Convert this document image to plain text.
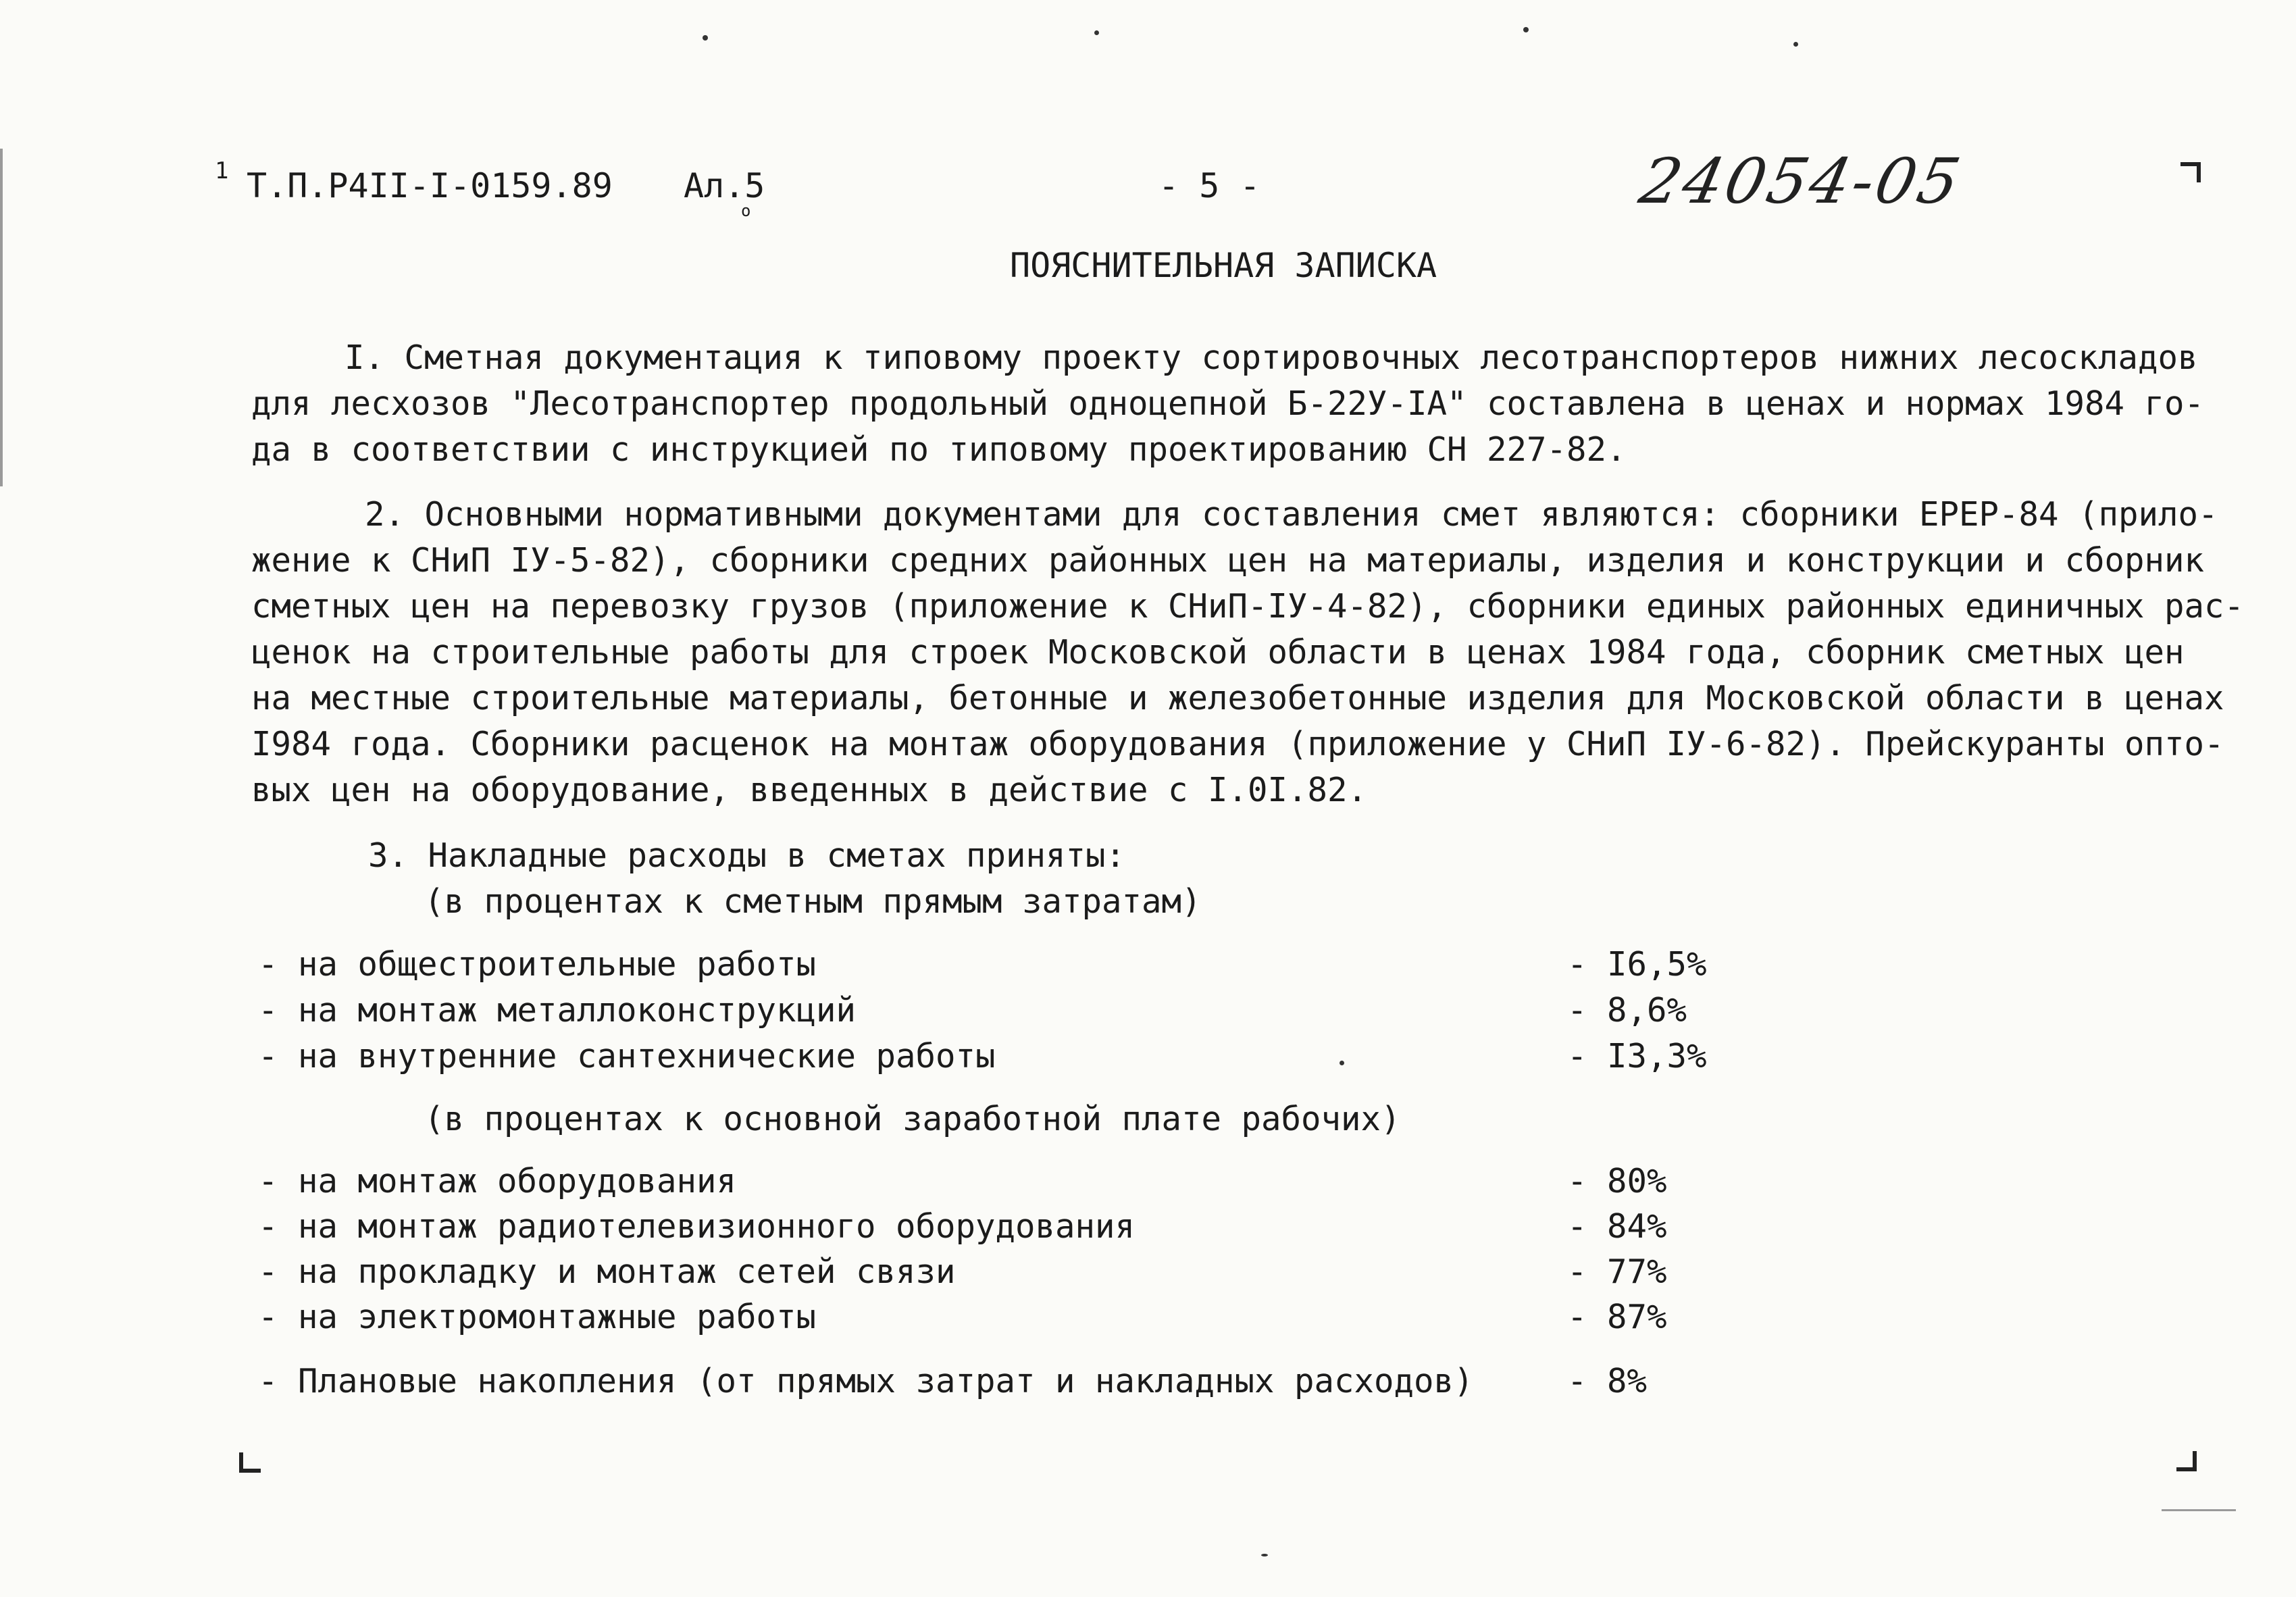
1 Т.П.Р4II-I-0159.89 Ал.5
о
- 5 -	24054-05
ПОЯСНИТЕЛЬНАЯ ЗАПИСКА
I. Сметная документация к типовому проекту сортировочных лесотранспортеров нижних лесоскладов
для лесхозов "Лесотранспортер продольный одноцепной Б-22У-IА" составлена в ценах и нормах 1984 го-
да в соответствии с инструкцией по типовому проектированию СН 227-82.
2. Основными нормативными документами для составления смет являются: сборники ЕРЕР-84 (прило-
жение к СНиП IУ-5-82), сборники средних районных цен на материалы, изделия и конструкции и сборник
сметных цен на перевозку грузов (приложение к СНиП-IУ-4-82), сборники единых районных единичных рас-
ценок на строительные работы для строек Московской области в ценах 1984 года, сборник сметных цен
на местные строительные материалы, бетонные и железобетонные изделия для Московской области в ценах
I984 года. Сборники расценок на монтаж оборудования (приложение у СНиП IУ-6-82). Прейскуранты опто-
вых цен на оборудование, введенных в действие с I.0I.82.
3. Накладные расходы в сметах приняты:
(в процентах к сметным прямым затратам)
- на общестроительные работы	- I6,5%
- на монтаж металлоконструкций	- 8,6%
- на внутренние сантехнические работы	- I3,3%
(в процентах к основной заработной плате рабочих)
- на монтаж оборудования	- 80%
- на монтаж радиотелевизионного оборудования	- 84%
- на прокладку и монтаж сетей связи	- 77%
- на электромонтажные работы	- 87%
- Плановые накопления (от прямых затрат и накладных расходов)	- 8%
